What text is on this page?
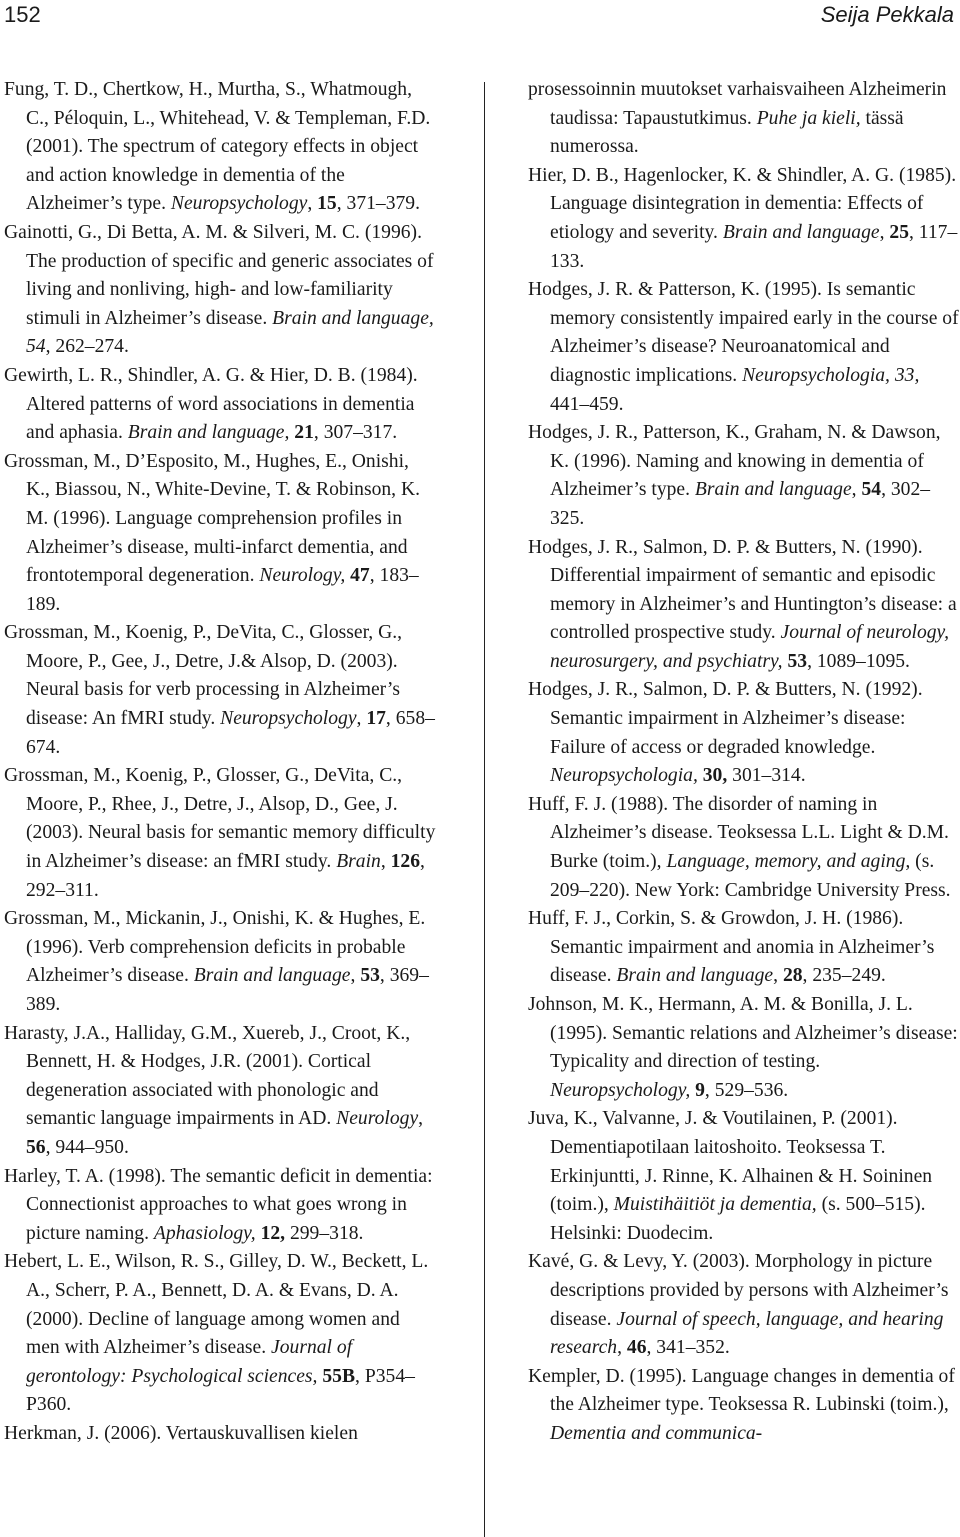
152	Seija Pekkala

Fung, T. D., Chertkow, H., Murtha, S., Whatmough, C., Péloquin, L., Whitehead, V. & Templeman, F.D. (2001). The spectrum of category effects in object and action knowledge in dementia of the Alzheimer’s type. Neuropsychology, 15, 371–379.

Gainotti, G., Di Betta, A. M. & Silveri, M. C. (1996). The production of specific and generic associates of living and nonliving, high- and low-familiarity stimuli in Alzheimer’s disease. Brain and language, 54, 262–274.

Gewirth, L. R., Shindler, A. G. & Hier, D. B. (1984). Altered patterns of word associations in dementia and aphasia. Brain and language, 21, 307–317.

Grossman, M., D’Esposito, M., Hughes, E., Onishi, K., Biassou, N., White-Devine, T. & Robinson, K. M. (1996). Language comprehension profiles in Alzheimer’s disease, multi-infarct dementia, and frontotemporal degeneration. Neurology, 47, 183–189.

Grossman, M., Koenig, P., DeVita, C., Glosser, G., Moore, P., Gee, J., Detre, J.& Alsop, D. (2003). Neural basis for verb processing in Alzheimer’s disease: An fMRI study. Neuropsychology, 17, 658–674.

Grossman, M., Koenig, P., Glosser, G., DeVita, C., Moore, P., Rhee, J., Detre, J., Alsop, D., Gee, J. (2003). Neural basis for semantic memory difficulty in Alzheimer’s disease: an fMRI study. Brain, 126, 292–311.

Grossman, M., Mickanin, J., Onishi, K. & Hughes, E. (1996). Verb comprehension deficits in probable Alzheimer’s disease. Brain and language, 53, 369–389.

Harasty, J.A., Halliday, G.M., Xuereb, J., Croot, K., Bennett, H. & Hodges, J.R. (2001). Cortical degeneration associated with phonologic and semantic language impairments in AD. Neurology, 56, 944–950.

Harley, T. A. (1998). The semantic deficit in dementia: Connectionist approaches to what goes wrong in picture naming. Aphasiology, 12, 299–318.

Hebert, L. E., Wilson, R. S., Gilley, D. W., Beckett, L. A., Scherr, P. A., Bennett, D. A. & Evans, D. A. (2000). Decline of language among women and men with Alzheimer’s disease. Journal of gerontology: Psychological sciences, 55B, P354–P360.

Herkman, J. (2006). Vertauskuvallisen kielen

prosessoinnin muutokset varhaisvaiheen Alzheimerin taudissa: Tapaustutkimus. Puhe ja kieli, tässä numerossa.

Hier, D. B., Hagenlocker, K. & Shindler, A. G. (1985). Language disintegration in dementia: Effects of etiology and severity. Brain and language, 25, 117–133.

Hodges, J. R. & Patterson, K. (1995). Is semantic memory consistently impaired early in the course of Alzheimer’s disease? Neuroanatomical and diagnostic implications. Neuropsychologia, 33, 441–459.

Hodges, J. R., Patterson, K., Graham, N. & Dawson, K. (1996). Naming and knowing in dementia of Alzheimer’s type. Brain and language, 54, 302–325.

Hodges, J. R., Salmon, D. P. & Butters, N. (1990). Differential impairment of semantic and episodic memory in Alzheimer’s and Huntington’s disease: a controlled prospective study. Journal of neurology, neurosurgery, and psychiatry, 53, 1089–1095.

Hodges, J. R., Salmon, D. P. & Butters, N. (1992). Semantic impairment in Alzheimer’s disease: Failure of access or degraded knowledge. Neuropsychologia, 30, 301–314.

Huff, F. J. (1988). The disorder of naming in Alzheimer’s disease. Teoksessa L.L. Light & D.M. Burke (toim.), Language, memory, and aging, (s. 209–220). New York: Cambridge University Press.

Huff, F. J., Corkin, S. & Growdon, J. H. (1986). Semantic impairment and anomia in Alzheimer’s disease. Brain and language, 28, 235–249.

Johnson, M. K., Hermann, A. M. & Bonilla, J. L. (1995). Semantic relations and Alzheimer’s disease: Typicality and direction of testing. Neuropsychology, 9, 529–536.

Juva, K., Valvanne, J. & Voutilainen, P. (2001). Dementiapotilaan laitoshoito. Teoksessa T. Erkinjuntti, J. Rinne, K. Alhainen & H. Soininen (toim.), Muistihäitiöt ja dementia, (s. 500–515). Helsinki: Duodecim.

Kavé, G. & Levy, Y. (2003). Morphology in picture descriptions provided by persons with Alzheimer’s disease. Journal of speech, language, and hearing research, 46, 341–352.

Kempler, D. (1995). Language changes in dementia of the Alzheimer type. Teoksessa R. Lubinski (toim.), Dementia and communica-
